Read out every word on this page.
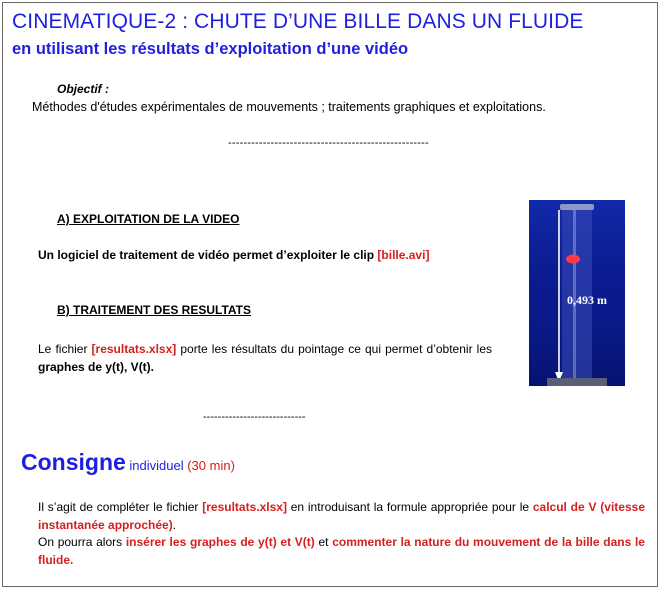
CINEMATIQUE-2 : CHUTE D’UNE BILLE DANS UN FLUIDE
en utilisant les résultats d’exploitation d’une vidéo
Objectif :
Méthodes d'études expérimentales de mouvements ; traitements graphiques et exploitations.
----------------------------------------------------
A) EXPLOITATION DE LA VIDEO
Un logiciel de traitement de vidéo permet d’exploiter le clip [bille.avi]
B) TRAITEMENT DES RESULTATS
Le fichier [resultats.xlsx] porte les résultats du pointage ce qui permet d’obtenir les graphes de y(t), V(t).
0,493 m
----------------------------
Consigne individuel (30 min)
Il s’agit de compléter le fichier [resultats.xlsx] en introduisant la formule appropriée pour le calcul de V (vitesse instantanée approchée).
On pourra alors insérer les graphes de y(t) et V(t) et commenter la nature du mouvement de la bille dans le fluide.
